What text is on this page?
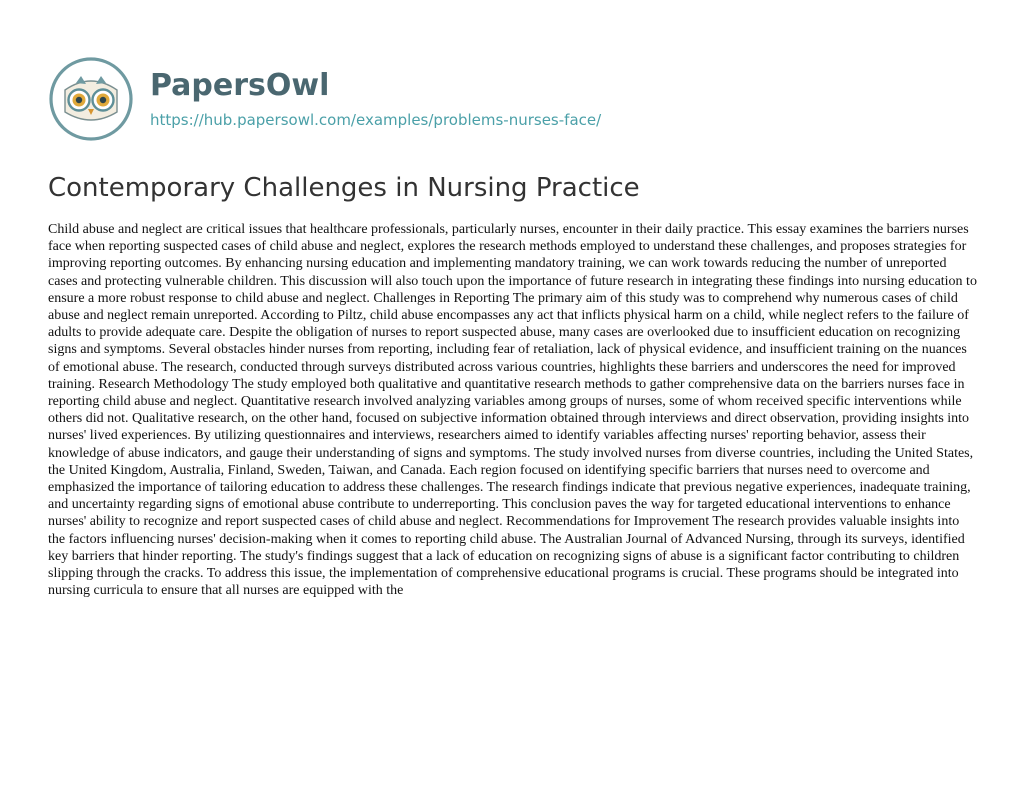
PapersOwl
https://hub.papersowl.com/examples/problems-nurses-face/
Contemporary Challenges in Nursing Practice

Child abuse and neglect are critical issues that healthcare professionals, particularly nurses, encounter in their daily practice. This essay examines the barriers nurses face when reporting suspected cases of child abuse and neglect, explores the research methods employed to understand these challenges, and proposes strategies for improving reporting outcomes. By enhancing nursing education and implementing mandatory training, we can work towards reducing the number of unreported cases and protecting vulnerable children. This discussion will also touch upon the importance of future research in integrating these findings into nursing education to ensure a more robust response to child abuse and neglect. Challenges in Reporting The primary aim of this study was to comprehend why numerous cases of child abuse and neglect remain unreported. According to Piltz, child abuse encompasses any act that inflicts physical harm on a child, while neglect refers to the failure of adults to provide adequate care. Despite the obligation of nurses to report suspected abuse, many cases are overlooked due to insufficient education on recognizing signs and symptoms. Several obstacles hinder nurses from reporting, including fear of retaliation, lack of physical evidence, and insufficient training on the nuances of emotional abuse. The research, conducted through surveys distributed across various countries, highlights these barriers and underscores the need for improved training. Research Methodology The study employed both qualitative and quantitative research methods to gather comprehensive data on the barriers nurses face in reporting child abuse and neglect. Quantitative research involved analyzing variables among groups of nurses, some of whom received specific interventions while others did not. Qualitative research, on the other hand, focused on subjective information obtained through interviews and direct observation, providing insights into nurses' lived experiences. By utilizing questionnaires and interviews, researchers aimed to identify variables affecting nurses' reporting behavior, assess their knowledge of abuse indicators, and gauge their understanding of signs and symptoms. The study involved nurses from diverse countries, including the United States, the United Kingdom, Australia, Finland, Sweden, Taiwan, and Canada. Each region focused on identifying specific barriers that nurses need to overcome and emphasized the importance of tailoring education to address these challenges. The research findings indicate that previous negative experiences, inadequate training, and uncertainty regarding signs of emotional abuse contribute to underreporting. This conclusion paves the way for targeted educational interventions to enhance nurses' ability to recognize and report suspected cases of child abuse and neglect. Recommendations for Improvement The research provides valuable insights into the factors influencing nurses' decision-making when it comes to reporting child abuse. The Australian Journal of Advanced Nursing, through its surveys, identified key barriers that hinder reporting. The study's findings suggest that a lack of education on recognizing signs of abuse is a significant factor contributing to children slipping through the cracks. To address this issue, the implementation of comprehensive educational programs is crucial. These programs should be integrated into nursing curricula to ensure that all nurses are equipped with the
